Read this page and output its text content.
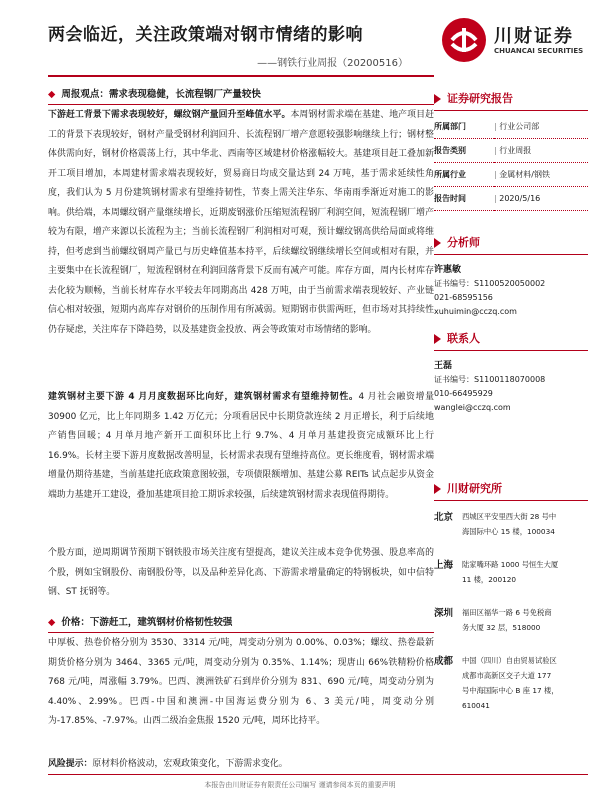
两会临近，关注政策端对钢市情绪的影响
——钢铁行业周报（20200516）
川财证券
CHUANCAI SECURITIES
◆ 周报观点：需求表现稳健，长流程钢厂产量较快

下游赶工背景下需求表现较好，螺纹钢产量回升至峰值水平。本周钢材需求端在基建、地产项目赶工的背景下表现较好，钢材产量受钢材利润回升、长流程钢厂增产意愿较强影响继续上行；钢材整体供需向好，钢材价格震荡上行，其中华北、西南等区域建材价格涨幅较大。基建项目赶工叠加新开工项目增加，本周建材需求端表现较好，贸易商日均成交量达到 24 万吨，基于需求延续性角度，我们认为 5 月份建筑钢材需求有望维持韧性，节奏上需关注华东、华南雨季渐近对施工的影响。供给端，本周螺纹钢产量继续增长，近期废钢涨价压缩短流程钢厂利润空间，短流程钢厂增产较为有限，增产来源以长流程为主；当前长流程钢厂利润相对可观，预计螺纹钢高供给局面或将维持，但考虑到当前螺纹钢周产量已与历史峰值基本持平，后续螺纹钢继续增长空间或相对有限，并主要集中在长流程钢厂，短流程钢材在利润回落背景下反而有减产可能。库存方面，周内长材库存去化较为顺畅，当前长材库存水平较去年同期高出 428 万吨，由于当前需求端表现较好、产业链信心相对较强，短期内高库存对钢价的压制作用有所减弱。短期钢市供需两旺，但市场对其持续性仍存疑虑，关注库存下降趋势，以及基建资金投放、两会等政策对市场情绪的影响。

建筑钢材主要下游 4 月月度数据环比向好，建筑钢材需求有望维持韧性。4 月社会融资增量 30900 亿元，比上年同期多 1.42 万亿元；分项看居民中长期贷款连续 2 月正增长，利于后续地产销售回暖；4 月单月地产新开工面积环比上行 9.7%、4 月单月基建投资完成额环比上行 16.9%。长材主要下游月度数据改善明显，长材需求表现有望维持高位。更长维度看，钢材需求端增量仍期待基建，当前基建托底政策意图较强，专项债限额增加、基建公募 REITs 试点起步从资金端助力基建开工建设，叠加基建项目抢工期诉求较强，后续建筑钢材需求表现值得期待。

个股方面，逆周期调节预期下钢铁股市场关注度有望提高，建议关注成本竞争优势强、股息率高的个股，例如宝钢股份、南钢股份等，以及品种差异化高、下游需求增量确定的特钢板块，如中信特钢、ST 抚钢等。

◆ 价格：下游赶工，建筑钢材价格韧性较强

中厚板、热卷价格分别为 3530、3314 元/吨，周变动分别为 0.00%、0.03%；螺纹、热卷最新期货价格分别为 3464、3365 元/吨，周变动分别为 0.35%、1.14%；现唐山 66%铁精粉价格 768 元/吨，周涨幅 3.79%。巴西、澳洲铁矿石到岸价分别为 831、690 元/吨，周变动分别为 4.40%、2.99%。巴西-中国和澳洲-中国海运费分别为 6、3 美元/吨，周变动分别为-17.85%、-7.97%。山西二级冶金焦报 1520 元/吨，周环比持平。

风险提示：原材料价格波动，宏观政策变化，下游需求变化。
证券研究报告
所属部门	| 行业公司部
报告类别	| 行业周报
所属行业	| 金属材料/钢铁
报告时间	| 2020/5/16
分析师
许惠敏
证书编号：S1100520050002
021-68595156
xuhuimin@cczq.com
联系人
王磊
证书编号：S1100118070008
010-66495929
wanglei@cczq.com
川财研究所
北京 西城区平安里西大街 28 号中
海国际中心 15 楼，100034
上海 陆家嘴环路 1000 号恒生大厦
11 楼，200120
深圳 福田区福华一路 6 号免税商
务大厦 32 层，518000
成都 中国（四川）自由贸易试验区
成都市高新区交子大道 177
号中海国际中心 B 座 17 楼，
610041
本报告由川财证券有限责任公司编写 谨请参阅本页的重要声明
